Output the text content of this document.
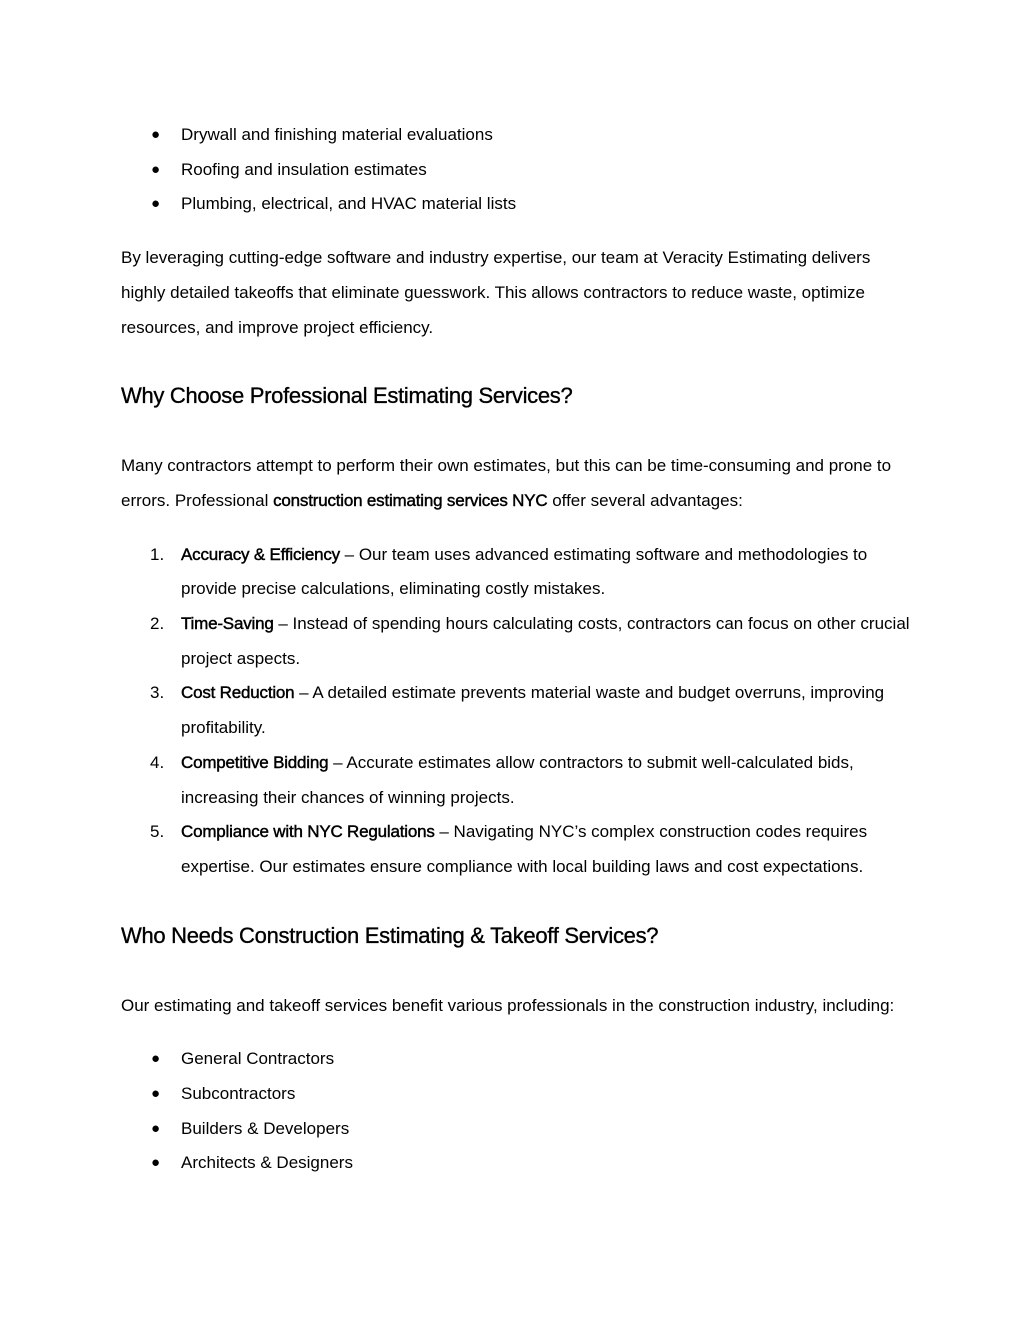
● Drywall and finishing material evaluations
● Roofing and insulation estimates
● Plumbing, electrical, and HVAC material lists

By leveraging cutting-edge software and industry expertise, our team at Veracity Estimating delivers highly detailed takeoffs that eliminate guesswork. This allows contractors to reduce waste, optimize resources, and improve project efficiency.

Why Choose Professional Estimating Services?

Many contractors attempt to perform their own estimates, but this can be time-consuming and prone to errors. Professional construction estimating services NYC offer several advantages:

1. Accuracy & Efficiency – Our team uses advanced estimating software and methodologies to provide precise calculations, eliminating costly mistakes.
2. Time-Saving – Instead of spending hours calculating costs, contractors can focus on other crucial project aspects.
3. Cost Reduction – A detailed estimate prevents material waste and budget overruns, improving profitability.
4. Competitive Bidding – Accurate estimates allow contractors to submit well-calculated bids, increasing their chances of winning projects.
5. Compliance with NYC Regulations – Navigating NYC’s complex construction codes requires expertise. Our estimates ensure compliance with local building laws and cost expectations.
Who Needs Construction Estimating & Takeoff Services?

Our estimating and takeoff services benefit various professionals in the construction industry, including:

● General Contractors
● Subcontractors
● Builders & Developers
● Architects & Designers
